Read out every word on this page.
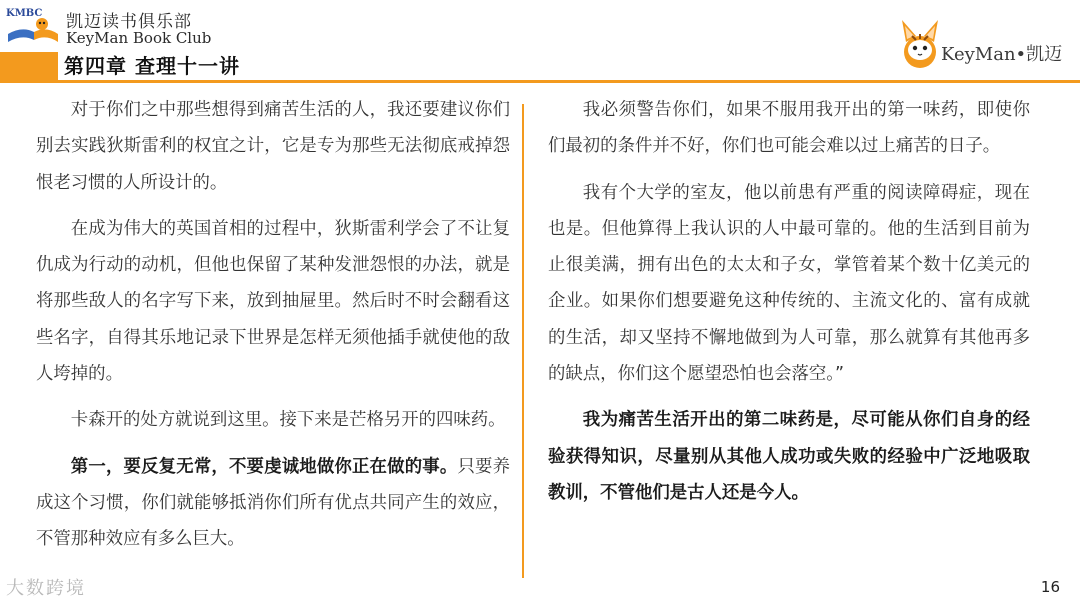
KMBC 凯迈读书俱乐部
KeyMan Book Club
第四章 查理十一讲	KeyMan•凯迈

对于你们之中那些想得到痛苦生活的人，我还要建议你们别去实践狄斯雷利的权宜之计，它是专为那些无法彻底戒掉怨恨老习惯的人所设计的。

在成为伟大的英国首相的过程中，狄斯雷利学会了不让复仇成为行动的动机，但他也保留了某种发泄怨恨的办法，就是将那些敌人的名字写下来，放到抽屉里。然后时不时会翻看这些名字，自得其乐地记录下世界是怎样无须他插手就使他的敌人垮掉的。

卡森开的处方就说到这里。接下来是芒格另开的四味药。

第一，要反复无常，不要虔诚地做你正在做的事。只要养成这个习惯，你们就能够抵消你们所有优点共同产生的效应，不管那种效应有多么巨大。

我必须警告你们，如果不服用我开出的第一味药，即使你们最初的条件并不好，你们也可能会难以过上痛苦的日子。

我有个大学的室友，他以前患有严重的阅读障碍症，现在也是。但他算得上我认识的人中最可靠的。他的生活到目前为止很美满，拥有出色的太太和子女，掌管着某个数十亿美元的企业。如果你们想要避免这种传统的、主流文化的、富有成就的生活，却又坚持不懈地做到为人可靠，那么就算有其他再多的缺点，你们这个愿望恐怕也会落空。”

我为痛苦生活开出的第二味药是，尽可能从你们自身的经验获得知识，尽量别从其他人成功或失败的经验中广泛地吸取教训，不管他们是古人还是今人。

大数跨境	16
